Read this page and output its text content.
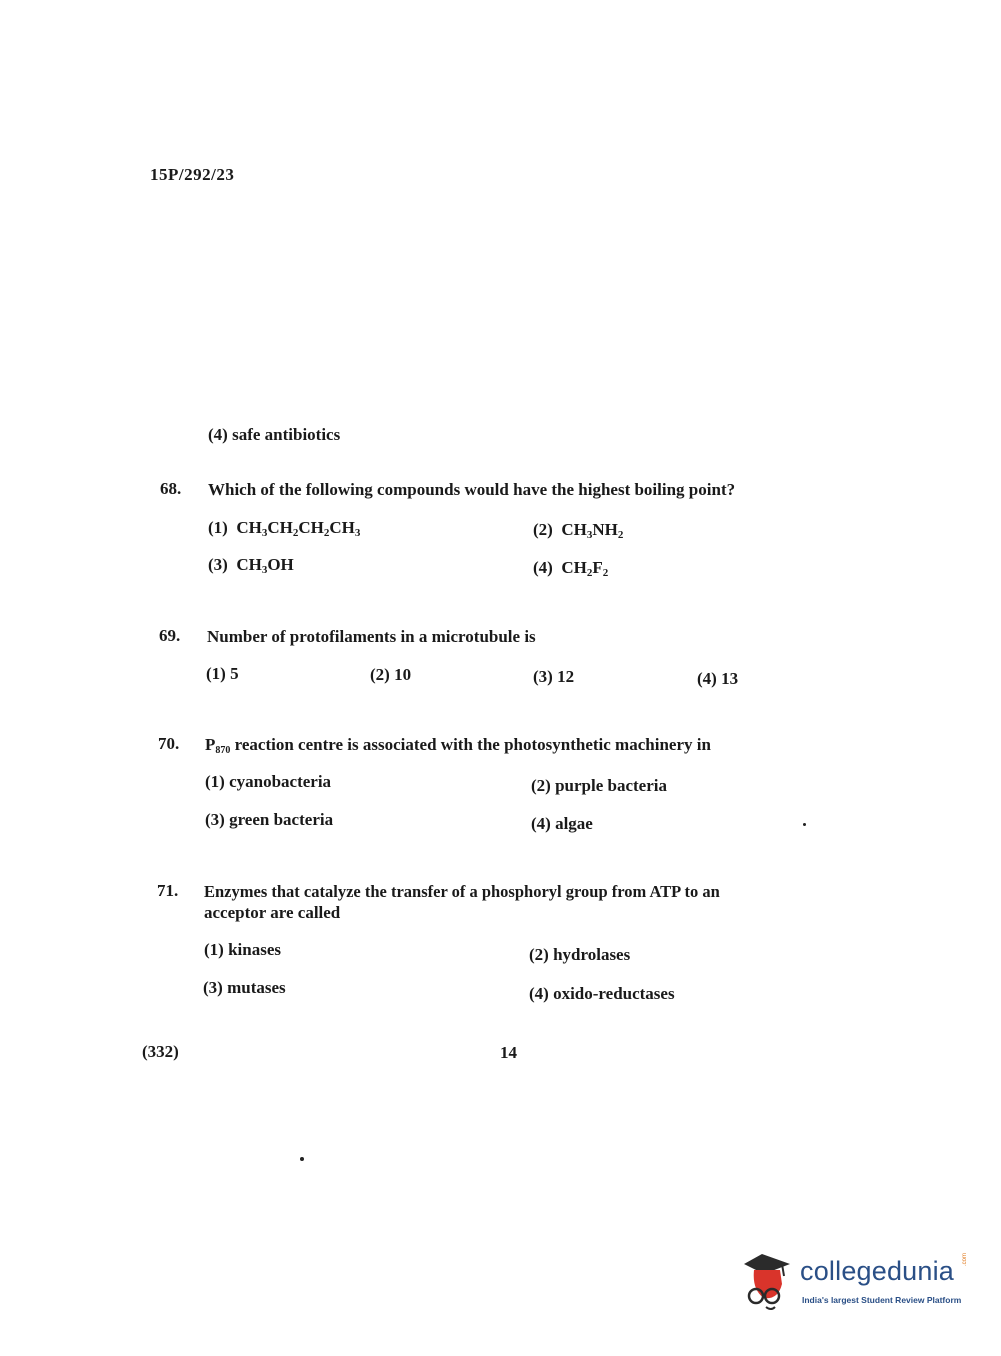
15P/292/23
(4) safe antibiotics
68. Which of the following compounds would have the highest boiling point?
(1) $CH_3CH_2CH_2CH_3$	(2) $CH_3NH_2$
(3) $CH_3OH$	(4) $CH_2F_2$
69. Number of protofilaments in a microtubule is
(1) 5	(2) 10	(3) 12	(4) 13
70. P870 reaction centre is associated with the photosynthetic machinery in
(1) cyanobacteria	(2) purple bacteria
(3) green bacteria	(4) algae
71. Enzymes that catalyze the transfer of a phosphoryl group from ATP to an
acceptor are called
(1) kinases	(2) hydrolases
(3) mutases	(4) oxido-reductases
(332)	14
collegedunia .com
India's largest Student Review Platform
